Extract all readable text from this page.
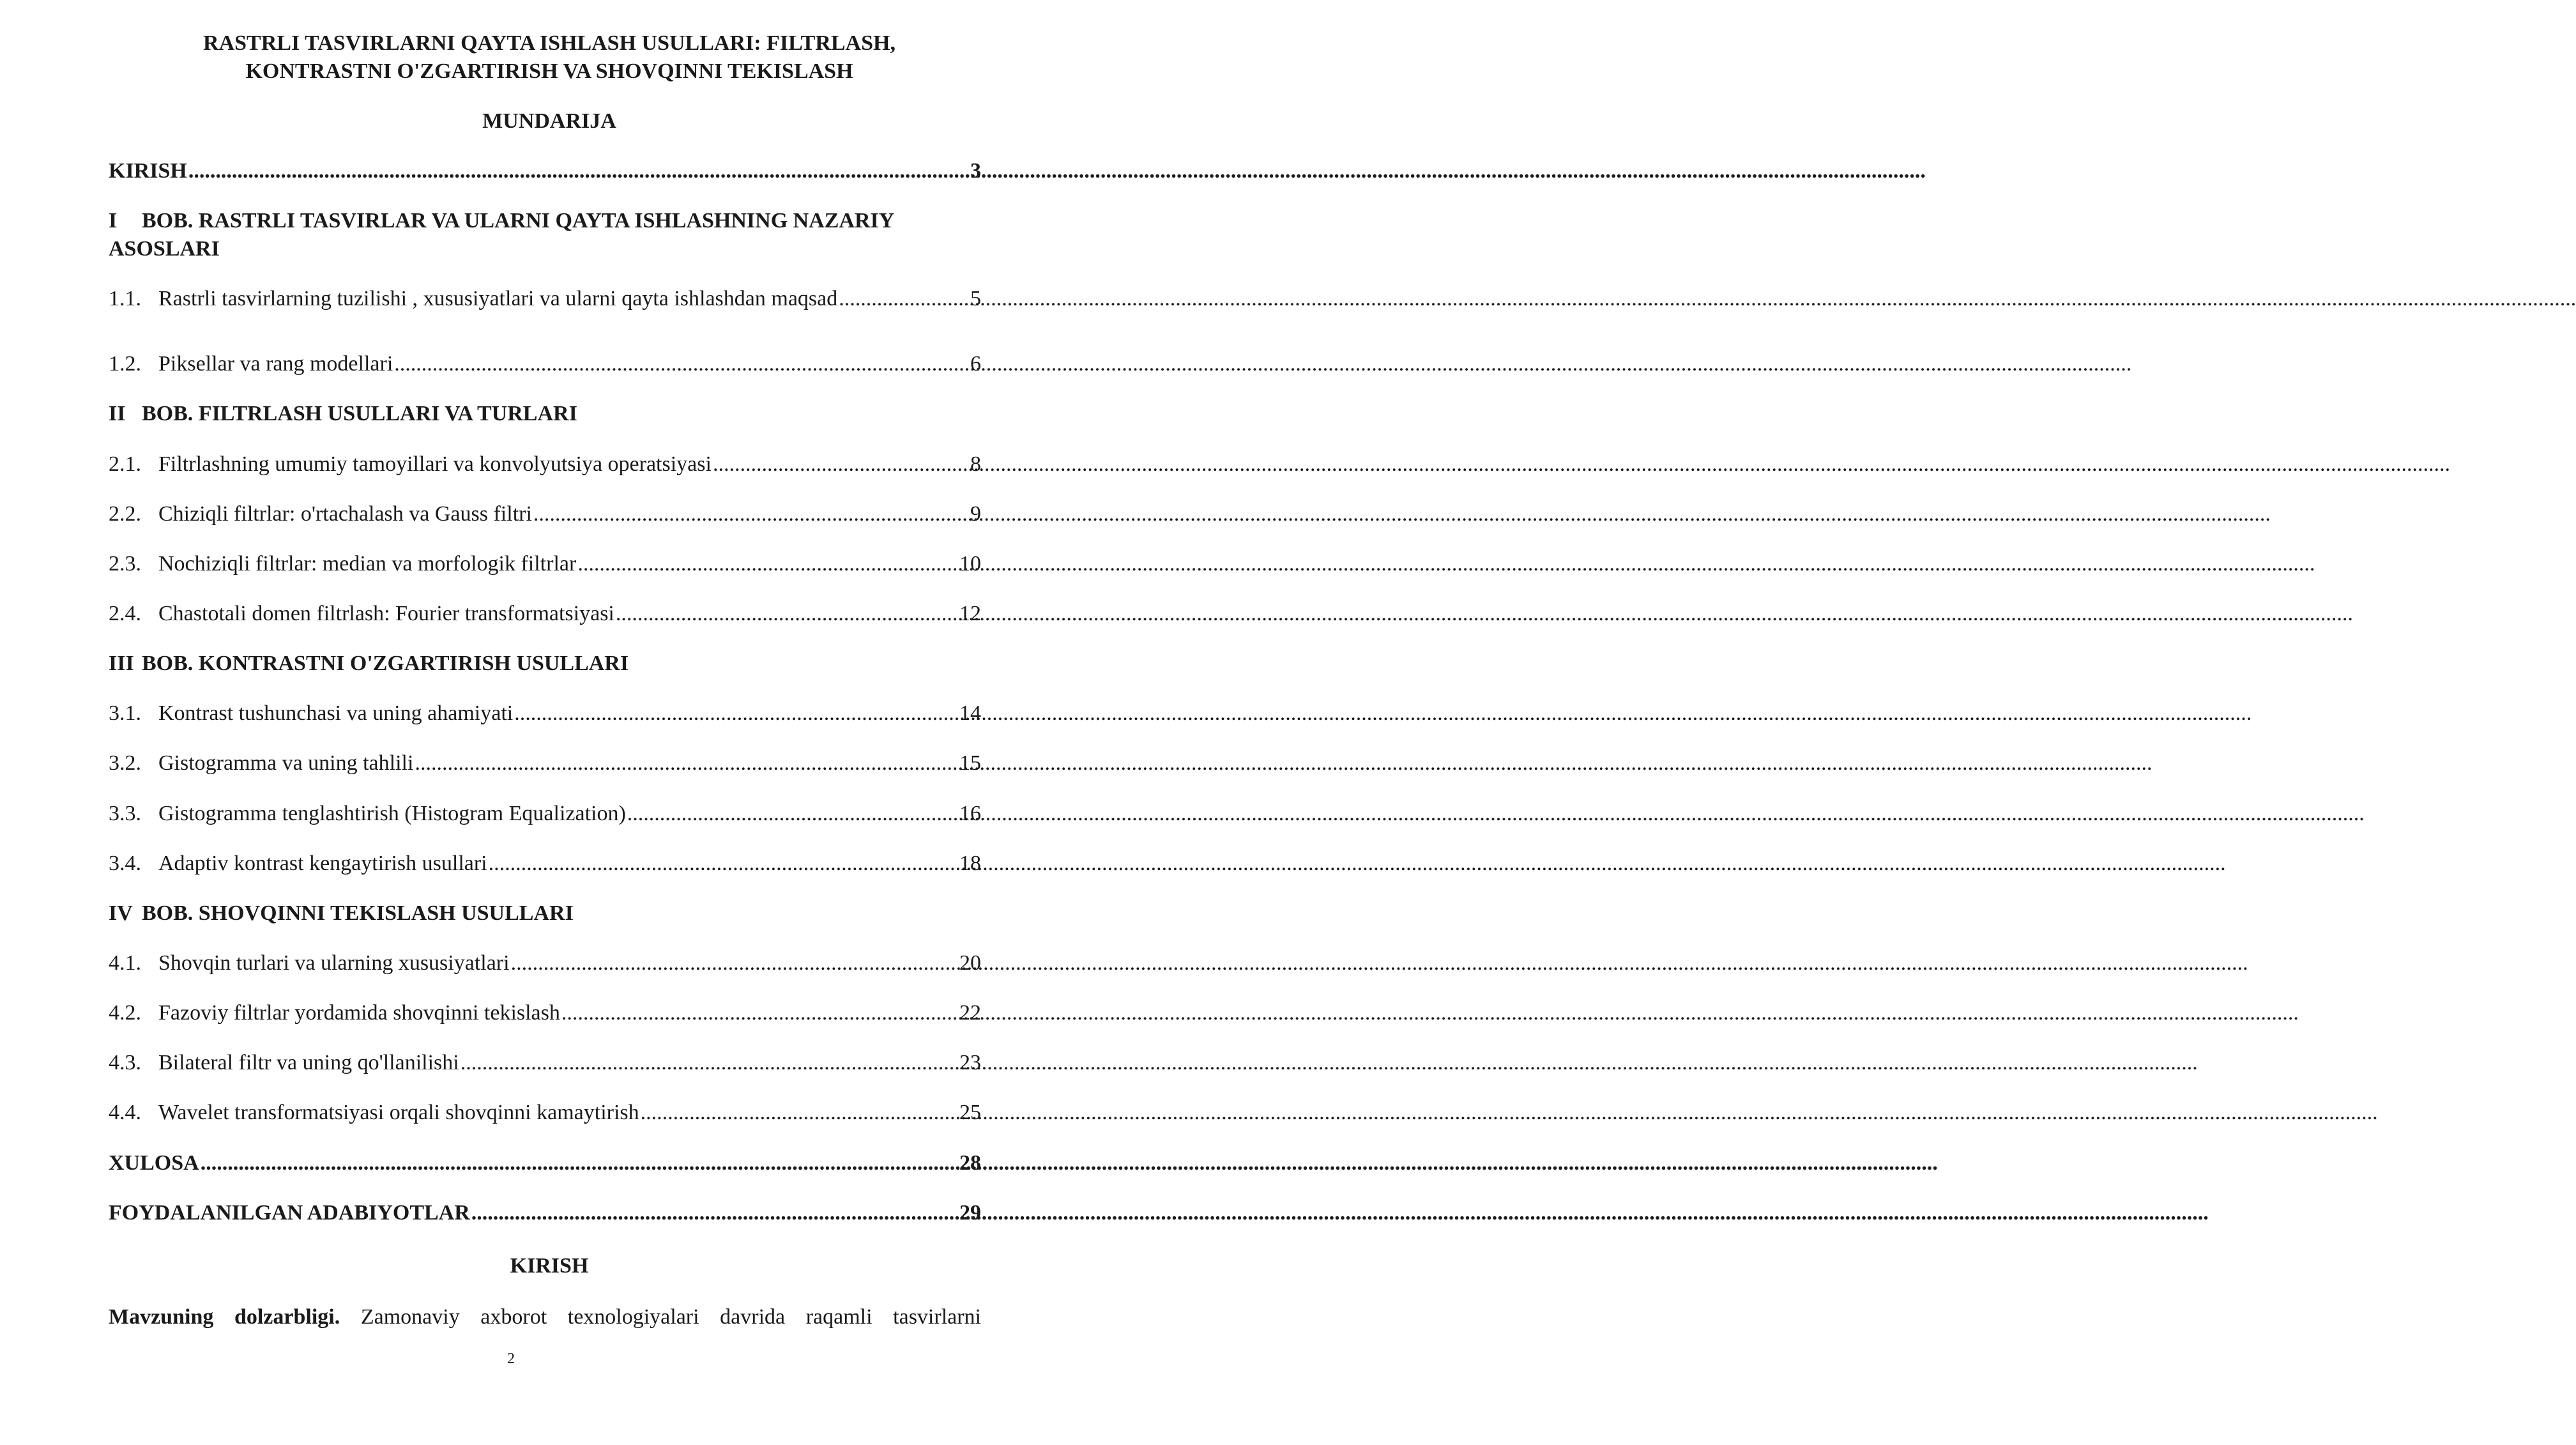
RASTRLI TASVIRLARNI QAYTA ISHLASH USULLARI: FILTRLASH,
KONTRASTNI O'ZGARTIRISH VA SHOVQINNI TEKISLASH
MUNDARIJA
KIRISH .....	3
I BOB. RASTRLI TASVIRLAR VA ULARNI QAYTA ISHLASHNING NAZARIY
ASOSLARI
1.1. Rastrli tasvirlarning tuzilishi , xususiyatlari va ularni qayta ishlashdan maqsad .....	5
1.2. Piksellar va rang modellari .....	6
II BOB. FILTRLASH USULLARI VA TURLARI
2.1. Filtrlashning umumiy tamoyillari va konvolyutsiya operatsiyasi .....	8
2.2. Chiziqli filtrlar: o'rtachalash va Gauss filtri .....	9
2.3. Nochiziqli filtrlar: median va morfologik filtrlar .....	10
2.4. Chastotali domen filtrlash: Fourier transformatsiyasi .....	12
III BOB. KONTRASTNI O'ZGARTIRISH USULLARI
3.1. Kontrast tushunchasi va uning ahamiyati .....	14
3.2. Gistogramma va uning tahlili .....	15
3.3. Gistogramma tenglashtirish (Histogram Equalization) .....	16
3.4. Adaptiv kontrast kengaytirish usullari .....	18
IV BOB. SHOVQINNI TEKISLASH USULLARI
4.1. Shovqin turlari va ularning xususiyatlari .....	20
4.2. Fazoviy filtrlar yordamida shovqinni tekislash .....	22
4.3. Bilateral filtr va uning qo'llanilishi .....	23
4.4. Wavelet transformatsiyasi orqali shovqinni kamaytirish .....	25
XULOSA .....	28
FOYDALANILGAN ADABIYOTLAR .....	29
KIRISH
Mavzuning dolzarbligi. Zamonaviy axborot texnologiyalari davrida raqamli tasvirlarni
2
